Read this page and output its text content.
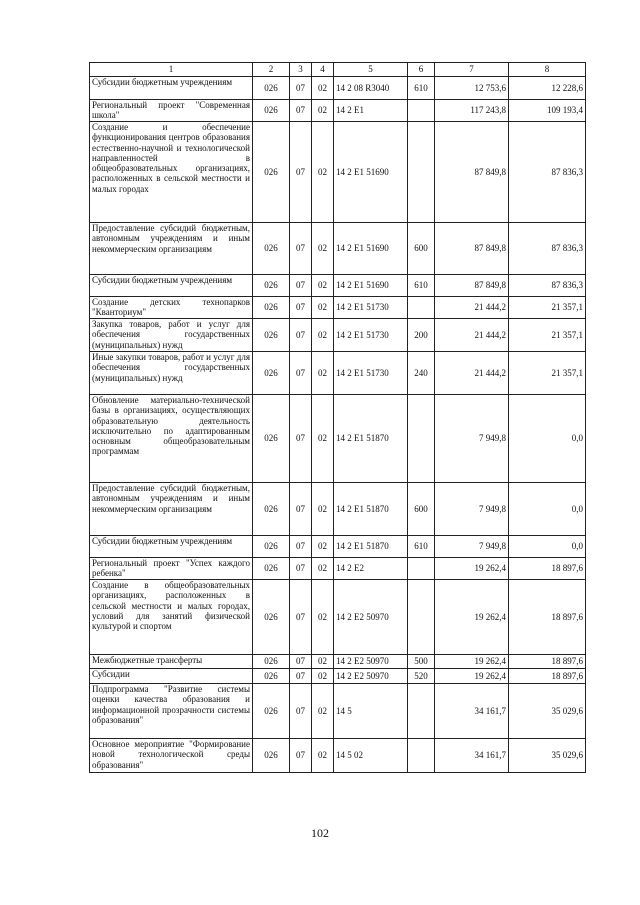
1	2	3	4	5	6	7	8
Субсидии бюджетным учреждениям	026	07	02	14 2 08 R3040	610	12 753,6	12 228,6
Региональный проект "Современная школа"	026	07	02	14 2 E1		117 243,8	109 193,4
Создание и обеспечение функционирования центров образования естественно-научной и технологической направленностей в общеобразовательных организациях, расположенных в сельской местности и малых городах	026	07	02	14 2 E1 51690		87 849,8	87 836,3
Предоставление субсидий бюджетным, автономным учреждениям и иным некоммерческим организациям	026	07	02	14 2 E1 51690	600	87 849,8	87 836,3
Субсидии бюджетным учреждениям	026	07	02	14 2 E1 51690	610	87 849,8	87 836,3
Создание детских технопарков "Кванториум"	026	07	02	14 2 E1 51730		21 444,2	21 357,1
Закупка товаров, работ и услуг для обеспечения государственных (муниципальных) нужд	026	07	02	14 2 E1 51730	200	21 444,2	21 357,1
Иные закупки товаров, работ и услуг для обеспечения государственных (муниципальных) нужд	026	07	02	14 2 E1 51730	240	21 444,2	21 357,1
Обновление материально-технической базы в организациях, осуществляющих образовательную деятельность исключительно по адаптированным основным общеобразовательным программам	026	07	02	14 2 E1 51870		7 949,8	0,0
Предоставление субсидий бюджетным, автономным учреждениям и иным некоммерческим организациям	026	07	02	14 2 E1 51870	600	7 949,8	0,0
Субсидии бюджетным учреждениям	026	07	02	14 2 E1 51870	610	7 949,8	0,0
Региональный проект "Успех каждого ребенка"	026	07	02	14 2 E2		19 262,4	18 897,6
Создание в общеобразовательных организациях, расположенных в сельской местности и малых городах, условий для занятий физической культурой и спортом	026	07	02	14 2 E2 50970		19 262,4	18 897,6
Межбюджетные трансферты	026	07	02	14 2 E2 50970	500	19 262,4	18 897,6
Субсидии	026	07	02	14 2 E2 50970	520	19 262,4	18 897,6
Подпрограмма "Развитие системы оценки качества образования и информационной прозрачности системы образования"	026	07	02	14 5		34 161,7	35 029,6
Основное мероприятие "Формирование новой технологической среды образования"	026	07	02	14 5 02		34 161,7	35 029,6
102
